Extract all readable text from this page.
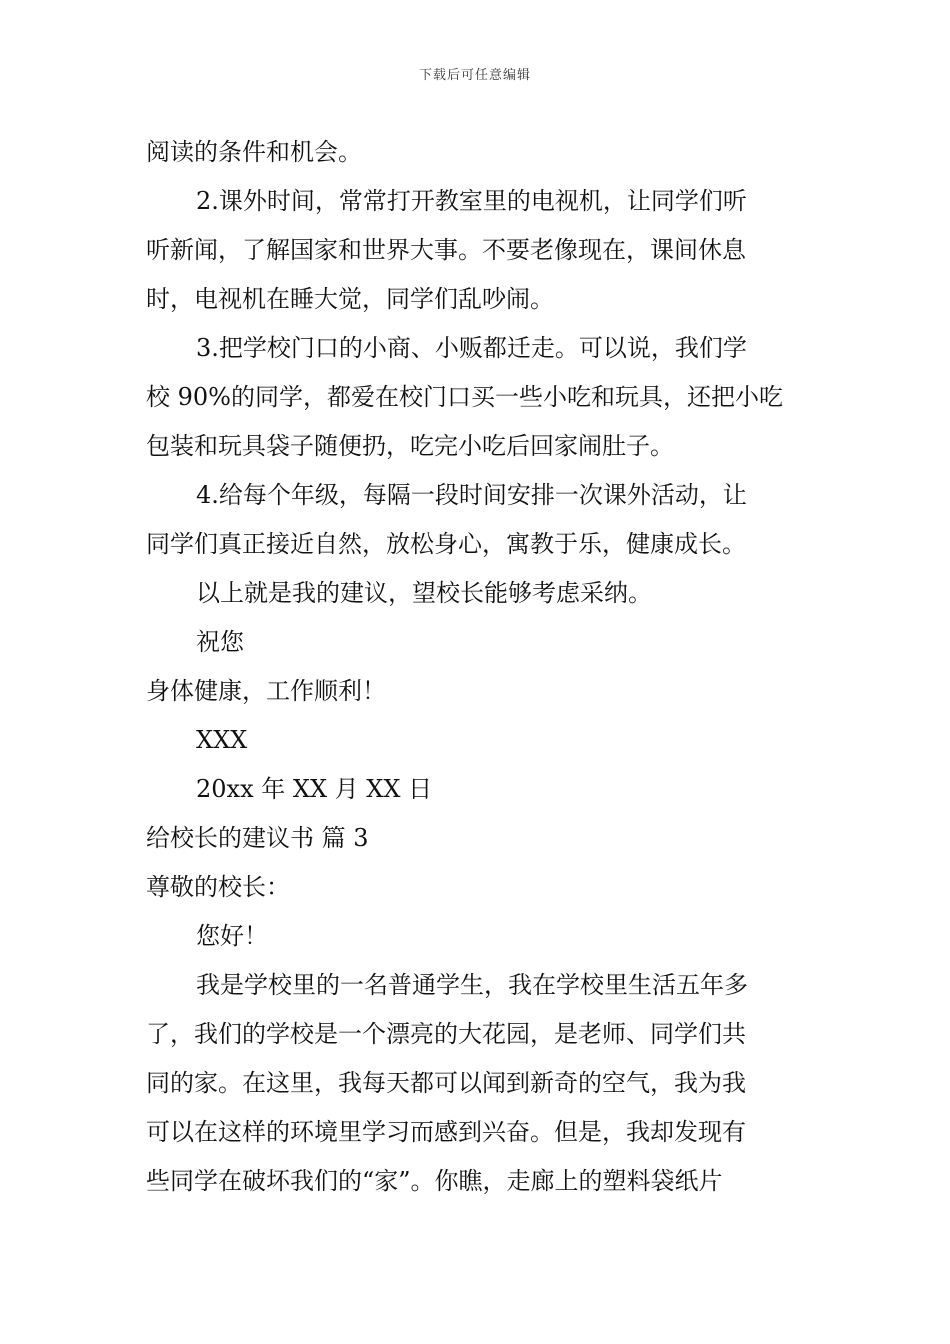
下载后可任意编辑
阅读的条件和机会。
2.课外时间，常常打开教室里的电视机，让同学们听
听新闻，了解国家和世界大事。不要老像现在，课间休息
时，电视机在睡大觉，同学们乱吵闹。
3.把学校门口的小商、小贩都迁走。可以说，我们学
校 90%的同学，都爱在校门口买一些小吃和玩具，还把小吃
包装和玩具袋子随便扔，吃完小吃后回家闹肚子。
4.给每个年级，每隔一段时间安排一次课外活动，让
同学们真正接近自然，放松身心，寓教于乐，健康成长。
以上就是我的建议，望校长能够考虑采纳。
祝您
身体健康，工作顺利！
XXX
20xx 年 XX 月 XX 日
给校长的建议书 篇 3
尊敬的校长：
您好！
我是学校里的一名普通学生，我在学校里生活五年多
了，我们的学校是一个漂亮的大花园，是老师、同学们共
同的家。在这里，我每天都可以闻到新奇的空气，我为我
可以在这样的环境里学习而感到兴奋。但是，我却发现有
些同学在破坏我们的“家”。你瞧，走廊上的塑料袋纸片
